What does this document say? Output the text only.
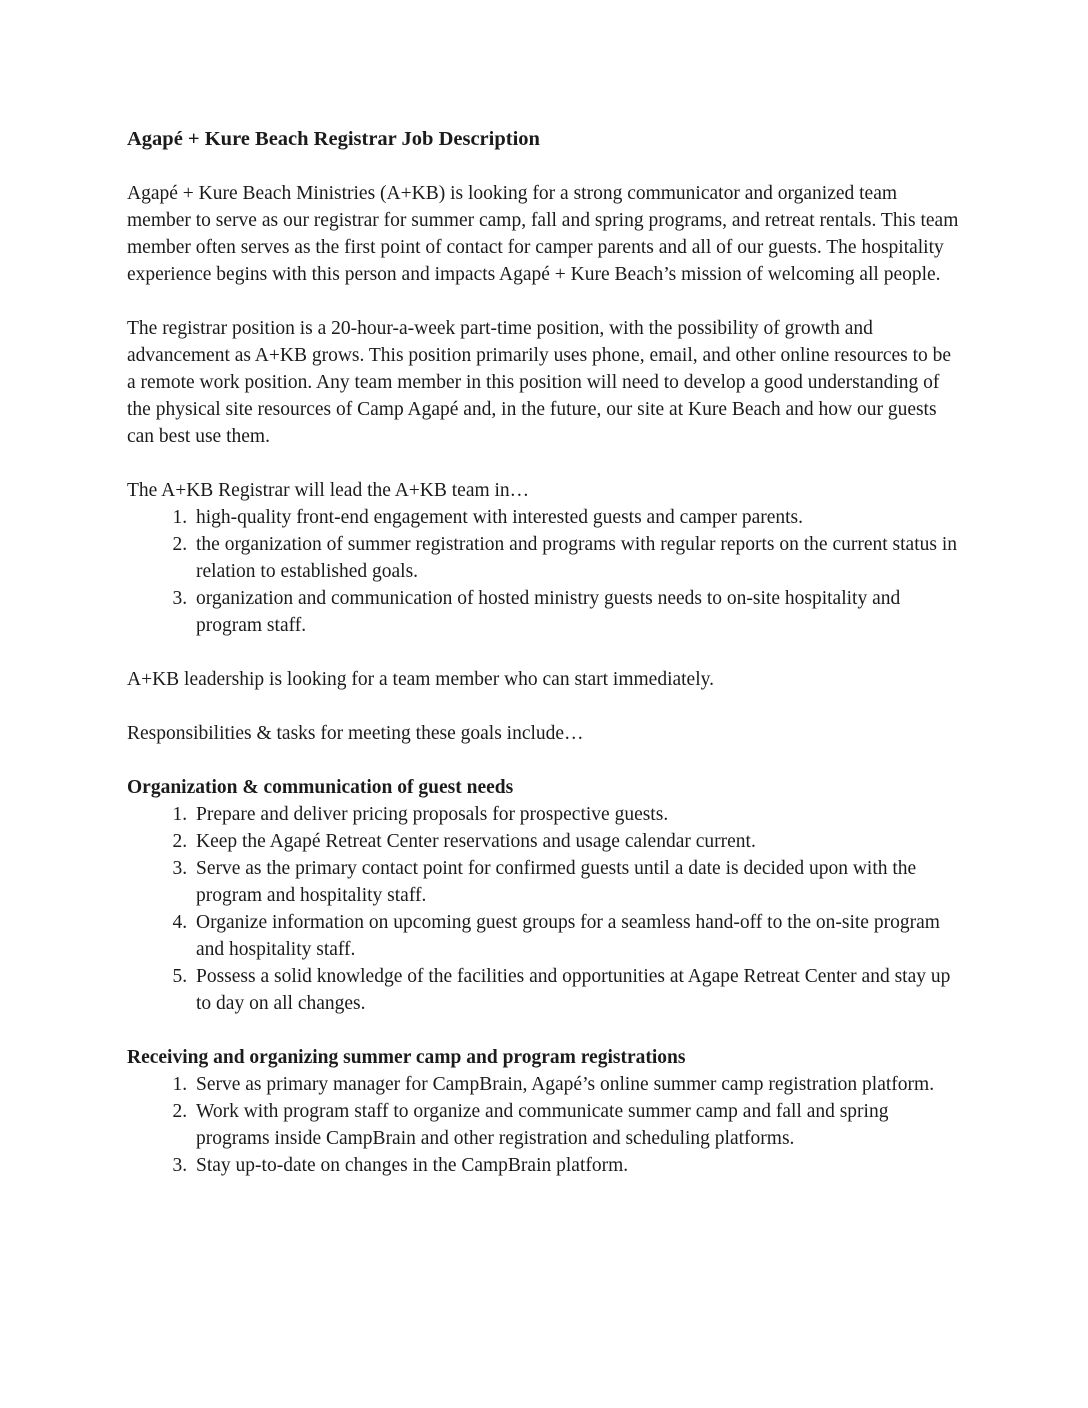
Agapé + Kure Beach Registrar Job Description

Agapé + Kure Beach Ministries (A+KB) is looking for a strong communicator and organized team member to serve as our registrar for summer camp, fall and spring programs, and retreat rentals. This team member often serves as the first point of contact for camper parents and all of our guests. The hospitality experience begins with this person and impacts Agapé + Kure Beach’s mission of welcoming all people.

The registrar position is a 20-hour-a-week part-time position, with the possibility of growth and advancement as A+KB grows. This position primarily uses phone, email, and other online resources to be a remote work position. Any team member in this position will need to develop a good understanding of the physical site resources of Camp Agapé and, in the future, our site at Kure Beach and how our guests can best use them.

The A+KB Registrar will lead the A+KB team in…

1. high-quality front-end engagement with interested guests and camper parents.
2. the organization of summer registration and programs with regular reports on the current status in relation to established goals.
3. organization and communication of hosted ministry guests needs to on-site hospitality and program staff.

A+KB leadership is looking for a team member who can start immediately.

Responsibilities & tasks for meeting these goals include…

Organization & communication of guest needs
1. Prepare and deliver pricing proposals for prospective guests.
2. Keep the Agapé Retreat Center reservations and usage calendar current.
3. Serve as the primary contact point for confirmed guests until a date is decided upon with the program and hospitality staff.
4. Organize information on upcoming guest groups for a seamless hand-off to the on-site program and hospitality staff.
5. Possess a solid knowledge of the facilities and opportunities at Agape Retreat Center and stay up to day on all changes.
Receiving and organizing summer camp and program registrations
1. Serve as primary manager for CampBrain, Agapé’s online summer camp registration platform.
2. Work with program staff to organize and communicate summer camp and fall and spring programs inside CampBrain and other registration and scheduling platforms.
3. Stay up-to-date on changes in the CampBrain platform.
